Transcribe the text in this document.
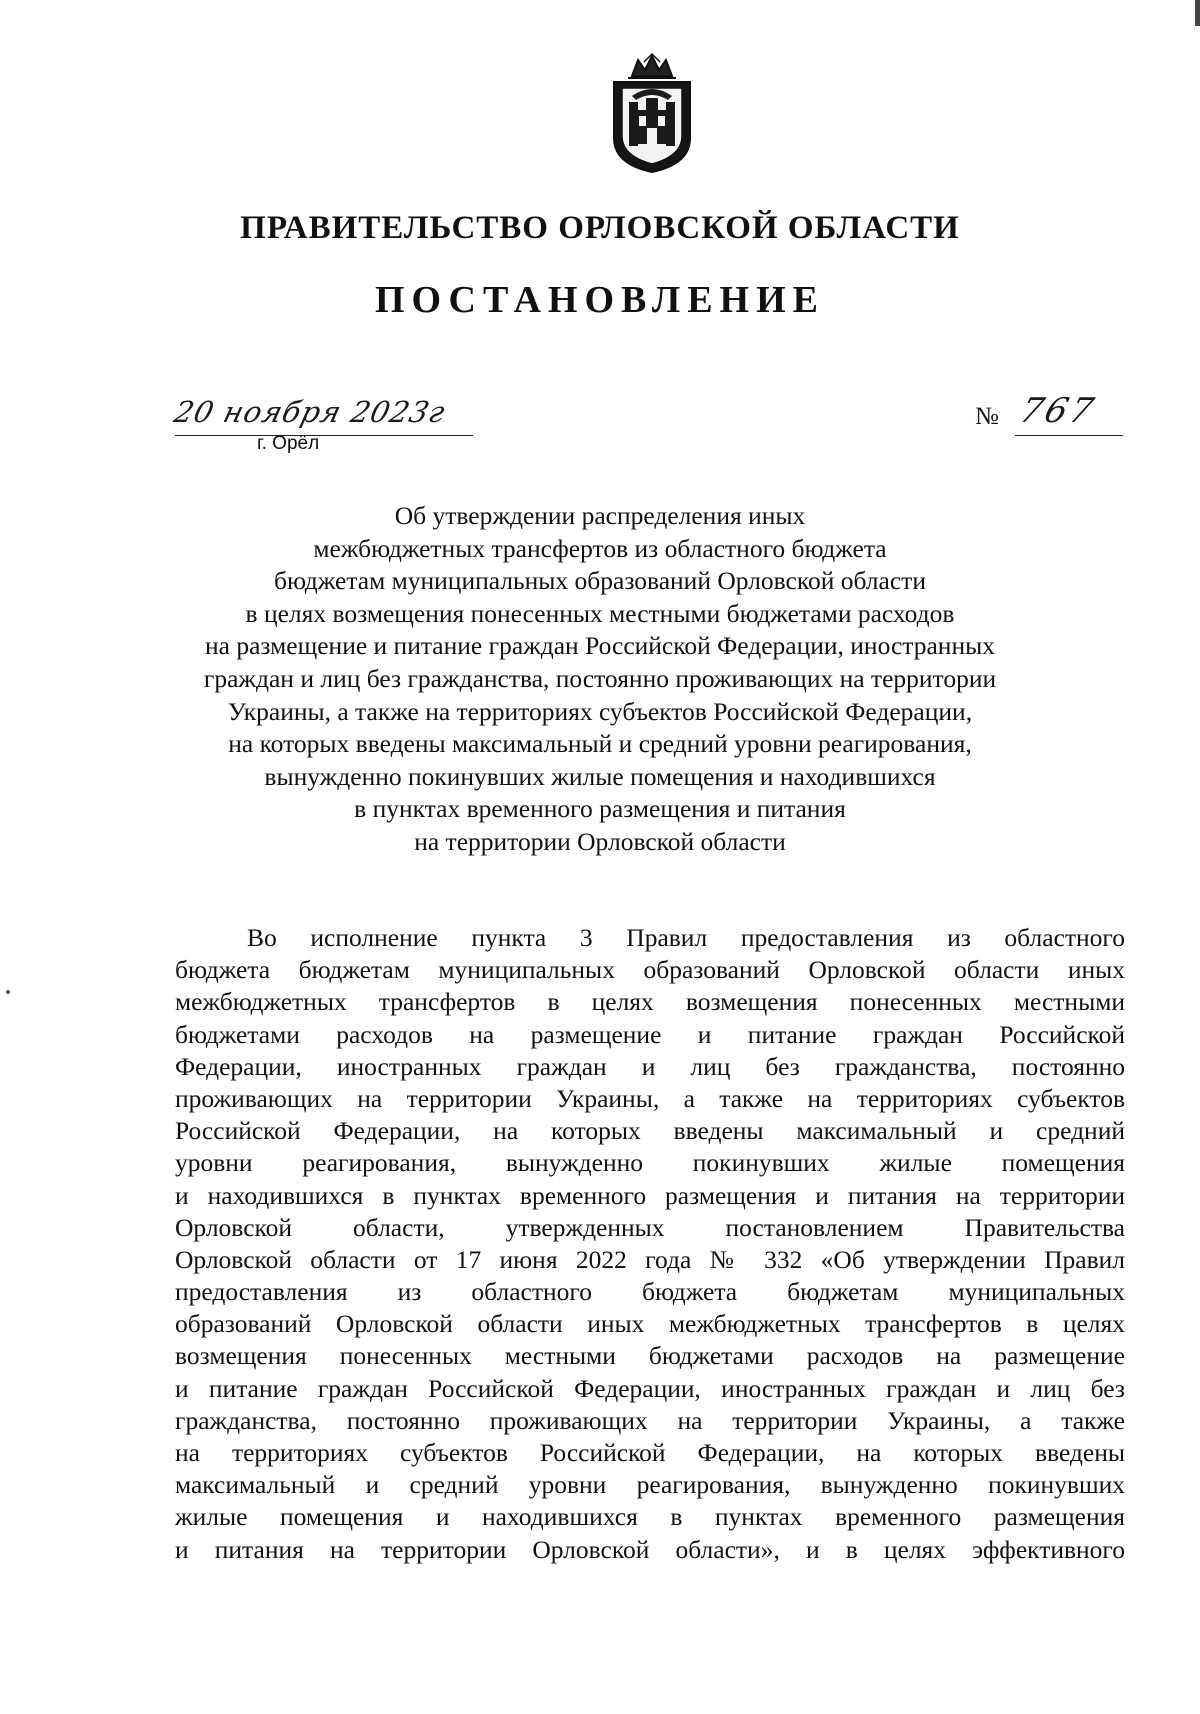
ПРАВИТЕЛЬСТВО ОРЛОВСКОЙ ОБЛАСТИ
ПОСТАНОВЛЕНИЕ
20 ноября 2023г
г. Орёл
№ 767
Об утверждении распределения иных
межбюджетных трансфертов из областного бюджета
бюджетам муниципальных образований Орловской области
в целях возмещения понесенных местными бюджетами расходов
на размещение и питание граждан Российской Федерации, иностранных
граждан и лиц без гражданства, постоянно проживающих на территории
Украины, а также на территориях субъектов Российской Федерации,
на которых введены максимальный и средний уровни реагирования,
вынужденно покинувших жилые помещения и находившихся
в пунктах временного размещения и питания
на территории Орловской области
Во исполнение пункта 3 Правил предоставления из областного
бюджета бюджетам муниципальных образований Орловской области иных
межбюджетных трансфертов в целях возмещения понесенных местными
бюджетами расходов на размещение и питание граждан Российской
Федерации, иностранных граждан и лиц без гражданства, постоянно
проживающих на территории Украины, а также на территориях субъектов
Российской Федерации, на которых введены максимальный и средний
уровни реагирования, вынужденно покинувших жилые помещения
и находившихся в пунктах временного размещения и питания на территории
Орловской области, утвержденных постановлением Правительства
Орловской области от 17 июня 2022 года № 332 «Об утверждении Правил
предоставления из областного бюджета бюджетам муниципальных
образований Орловской области иных межбюджетных трансфертов в целях
возмещения понесенных местными бюджетами расходов на размещение
и питание граждан Российской Федерации, иностранных граждан и лиц без
гражданства, постоянно проживающих на территории Украины, а также
на территориях субъектов Российской Федерации, на которых введены
максимальный и средний уровни реагирования, вынужденно покинувших
жилые помещения и находившихся в пунктах временного размещения
и питания на территории Орловской области», и в целях эффективного
